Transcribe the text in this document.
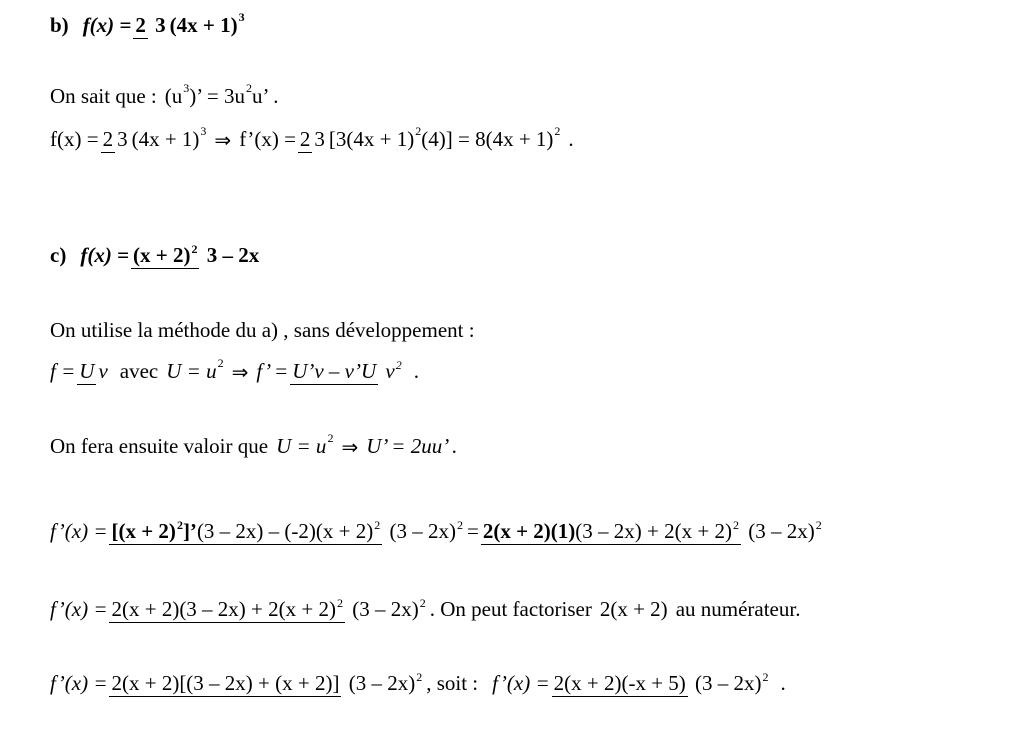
b) f(x) = 2 3 $(4x + 1)^3$
On sait que : ($u^3$ )’ = $3u^2$ u’ .
f(x) = 2 3 $(4x + 1)^3$ ⇒ f’(x) = 2 3 [$3(4x + 1)^2$ $(4)] = 8(4x + 1)^2$ .
c) $f(x) = (x + 2)^2$ 3 – 2x
On utilise la méthode du a) , sans développement :
f = U v avec $U = u^2$ ⇒ f’ = U’v – v’U $v^2$ .
On fera ensuite valoir que $U = u^2$ ⇒ U’ = 2uu’ .
f’(x) = $[(x + 2)^2]’(3 - 2x) - (-2)(x + 2)^2$ $(3 - 2x)^2 = 2(x + 2)(1)(3 - 2x) + 2(x + 2)^2$ (3 – 2x)$^2$
f’(x) = $2(x + 2)(3 - 2x) + 2(x + 2)^2$ (3 – 2x)$^2$ . On peut factoriser 2(x + 2) au numérateur.
f’(x) = 2(x + 2)[(3 – 2x) + (x + 2)] (3 – 2x)$^2$ , soit : f’(x) = 2(x + 2)(-x + 5) (3 – 2x)$^2$ .
